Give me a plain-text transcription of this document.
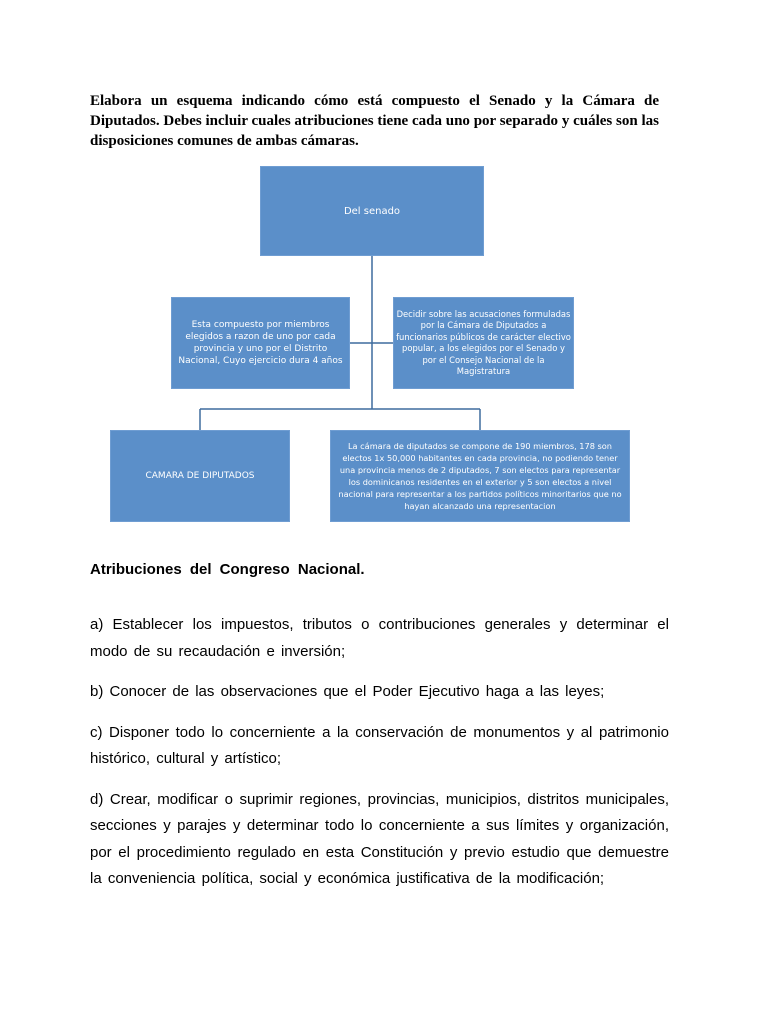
Elabora un esquema indicando cómo está compuesto el Senado y la Cámara de Diputados. Debes incluir cuales atribuciones tiene cada uno por separado y cuáles son las disposiciones comunes de ambas cámaras.

Del senado
Esta compuesto por miembros elegidos a razon de uno por cada provincia y uno por el Distrito Nacional, Cuyo ejercicio dura 4 años
Decidir sobre las acusaciones formuladas por la Cámara de Diputados a funcionarios públicos de carácter electivo popular, a los elegidos por el Senado y por el Consejo Nacional de la Magistratura
CAMARA DE DIPUTADOS
La cámara de diputados se compone de 190 miembros, 178 son electos 1x 50,000 habitantes en cada provincia, no podiendo tener una provincia menos de 2 diputados, 7 son electos para representar los dominicanos residentes en el exterior y 5 son electos a nivel nacional para representar a los partidos políticos minoritarios que no hayan alcanzado una representacion
Atribuciones del Congreso Nacional.

a) Establecer los impuestos, tributos o contribuciones generales y determinar el modo de su recaudación e inversión;

b) Conocer de las observaciones que el Poder Ejecutivo haga a las leyes;

c) Disponer todo lo concerniente a la conservación de monumentos y al patrimonio histórico, cultural y artístico;

d) Crear, modificar o suprimir regiones, provincias, municipios, distritos municipales, secciones y parajes y determinar todo lo concerniente a sus límites y organización, por el procedimiento regulado en esta Constitución y previo estudio que demuestre la conveniencia política, social y económica justificativa de la modificación;
